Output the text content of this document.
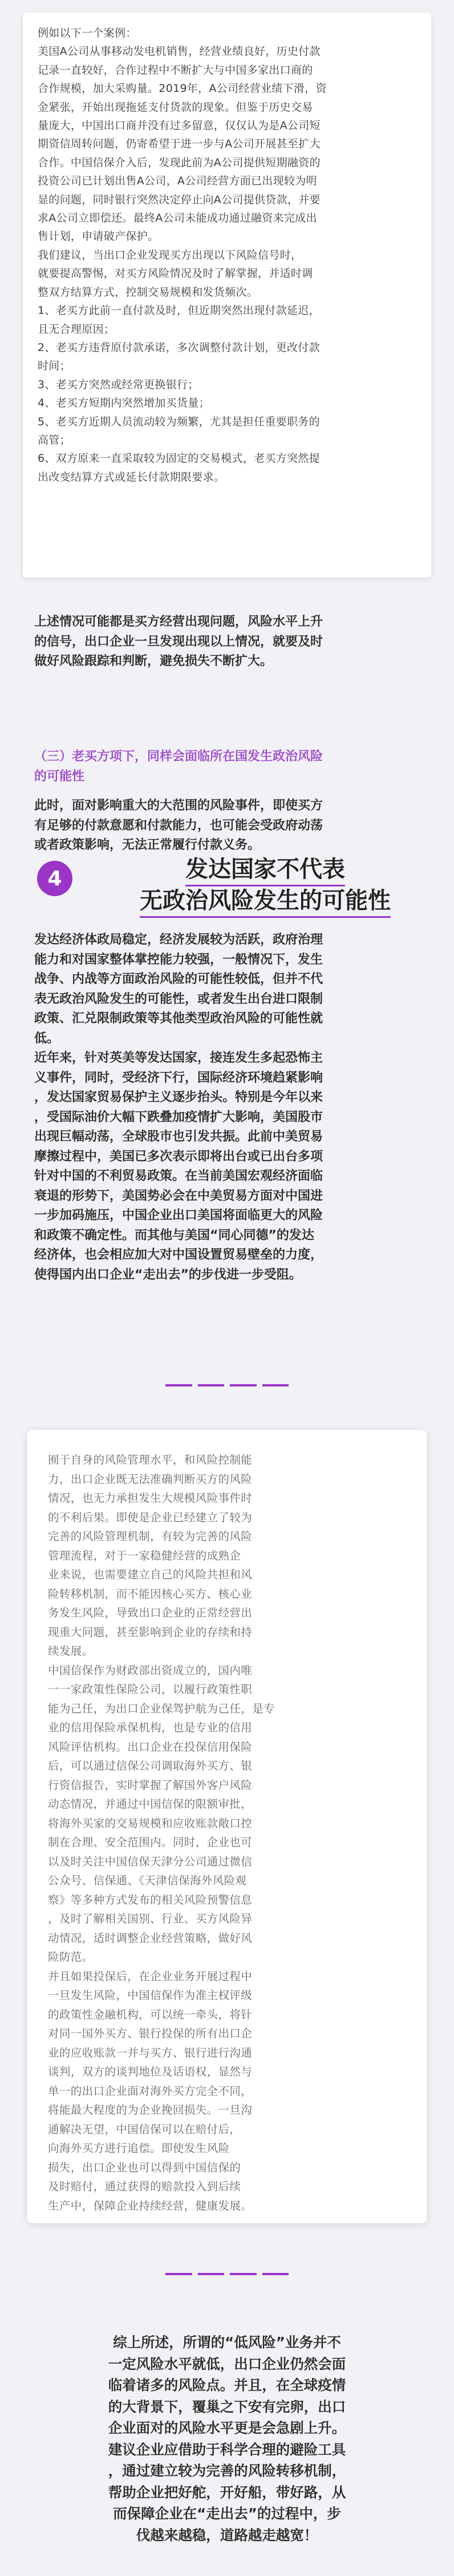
例如以下一个案例：

美国A公司从事移动发电机销售，经营业绩良好，历史付款

记录一直较好，合作过程中不断扩大与中国多家出口商的

合作规模，加大采购量。2019年，A公司经营业绩下滑，资

金紧张，开始出现拖延支付货款的现象。但鉴于历史交易

量庞大，中国出口商并没有过多留意，仅仅认为是A公司短

期资信周转问题，仍寄希望于进一步与A公司开展甚至扩大

合作。中国信保介入后，发现此前为A公司提供短期融资的

投资公司已计划出售A公司，A公司经营方面已出现较为明

显的问题，同时银行突然决定停止向A公司提供贷款，并要

求A公司立即偿还。最终A公司未能成功通过融资来完成出

售计划，申请破产保护。

我们建议，当出口企业发现买方出现以下风险信号时，

就要提高警惕，对买方风险情况及时了解掌握，并适时调

整双方结算方式，控制交易规模和发货频次。

1、老买方此前一直付款及时，但近期突然出现付款延迟，

且无合理原因；

2、老买方违背原付款承诺，多次调整付款计划，更改付款

时间；

3、老买方突然或经常更换银行；

4、老买方短期内突然增加买货量；

5、老买方近期人员流动较为频繁，尤其是担任重要职务的

高管；

6、双方原来一直采取较为固定的交易模式，老买方突然提

出改变结算方式或延长付款期限要求。

上述情况可能都是买方经营出现问题，风险水平上升

的信号，出口企业一旦发现出现以上情况，就要及时

做好风险跟踪和判断，避免损失不断扩大。

（三）老买方项下，同样会面临所在国发生政治风险

的可能性

此时，面对影响重大的大范围的风险事件，即使买方

有足够的付款意愿和付款能力，也可能会受政府动荡

或者政策影响，无法正常履行付款义务。

4	发达国家不代表

无政治风险发生的可能性

发达经济体政局稳定，经济发展较为活跃，政府治理

能力和对国家整体掌控能力较强，一般情况下，发生

战争、内战等方面政治风险的可能性较低，但并不代

表无政治风险发生的可能性，或者发生出台进口限制

政策、汇兑限制政策等其他类型政治风险的可能性就

低。

近年来，针对英美等发达国家，接连发生多起恐怖主

义事件，同时，受经济下行，国际经济环境趋紧影响

，发达国家贸易保护主义逐步抬头。特别是今年以来

，受国际油价大幅下跌叠加疫情扩大影响，美国股市

出现巨幅动荡，全球股市也引发共振。此前中美贸易

摩擦过程中，美国已多次表示即将出台或已出台多项

针对中国的不利贸易政策。在当前美国宏观经济面临

衰退的形势下，美国势必会在中美贸易方面对中国进

一步加码施压，中国企业出口美国将面临更大的风险

和政策不确定性。而其他与美国“同心同德”的发达

经济体，也会相应加大对中国设置贸易壁垒的力度，

使得国内出口企业“走出去”的步伐进一步受阻。

囿于自身的风险管理水平，和风险控制能

力，出口企业既无法准确判断买方的风险

情况，也无力承担发生大规模风险事件时

的不利后果。即使是企业已经建立了较为

完善的风险管理机制，有较为完善的风险

管理流程，对于一家稳健经营的成熟企

业来说，也需要建立自己的风险共担和风

险转移机制，而不能因核心买方、核心业

务发生风险，导致出口企业的正常经营出

现重大问题，甚至影响到企业的存续和持

续发展。

中国信保作为财政部出资成立的，国内唯

一一家政策性保险公司，以履行政策性职

能为己任，为出口企业保驾护航为己任，是专

业的信用保险承保机构，也是专业的信用

风险评估机构。出口企业在投保信用保险

后，可以通过信保公司调取海外买方、银

行资信报告，实时掌握了解国外客户风险

动态情况，并通过中国信保的限额审批，

将海外买家的交易规模和应收账款敞口控

制在合理、安全范围内。同时，企业也可

以及时关注中国信保天津分公司通过微信

公众号、信保通、《天津信保海外风险观

察》等多种方式发布的相关风险预警信息

，及时了解相关国别、行业、买方风险异

动情况，适时调整企业经营策略，做好风

险防范。

并且如果投保后，在企业业务开展过程中

一旦发生风险，中国信保作为准主权评级

的政策性金融机构，可以统一牵头，将针

对同一国外买方、银行投保的所有出口企

业的应收账款一并与买方、银行进行沟通

谈判，双方的谈判地位及话语权，显然与

单一的出口企业面对海外买方完全不同，

将能最大程度的为企业挽回损失。一旦沟

通解决无望，中国信保可以在赔付后，

向海外买方进行追偿。即使发生风险

损失，出口企业也可以得到中国信保的

及时赔付，通过获得的赔款投入到后续

生产中，保障企业持续经营，健康发展。

综上所述，所谓的“低风险”业务并不

一定风险水平就低，出口企业仍然会面

临着诸多的风险点。并且，在全球疫情

的大背景下，覆巢之下安有完卵，出口

企业面对的风险水平更是会急剧上升。

建议企业应借助于科学合理的避险工具

，通过建立较为完善的风险转移机制，

帮助企业把好舵，开好船，带好路，从

而保障企业在“走出去”的过程中，步

伐越来越稳，道路越走越宽！
